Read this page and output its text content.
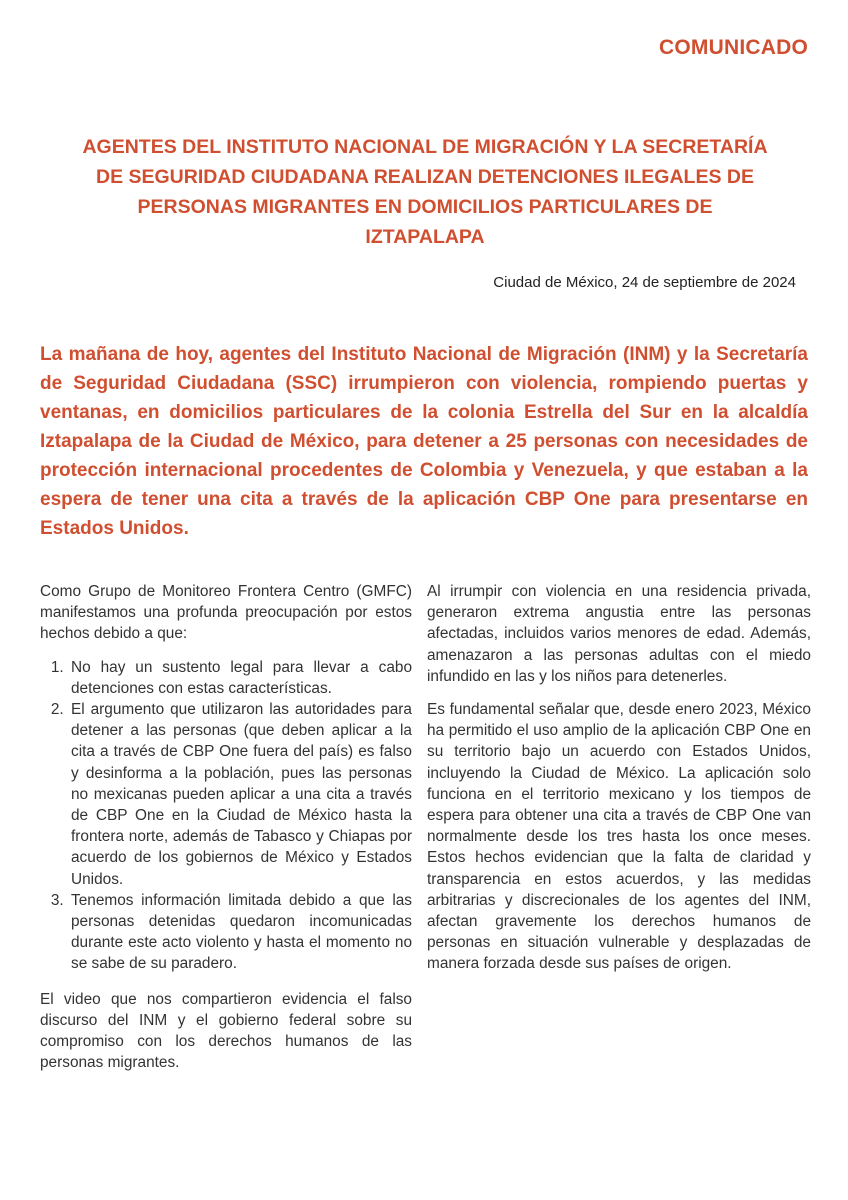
COMUNICADO
AGENTES DEL INSTITUTO NACIONAL DE MIGRACIÓN Y LA SECRETARÍA DE SEGURIDAD CIUDADANA REALIZAN DETENCIONES ILEGALES DE PERSONAS MIGRANTES EN DOMICILIOS PARTICULARES DE IZTAPALAPA
Ciudad de México, 24 de septiembre de 2024
La mañana de hoy, agentes del Instituto Nacional de Migración (INM) y la Secretaría de Seguridad Ciudadana (SSC) irrumpieron con violencia, rompiendo puertas y ventanas, en domicilios particulares de la colonia Estrella del Sur en la alcaldía Iztapalapa de la Ciudad de México, para detener a 25 personas con necesidades de protección internacional procedentes de Colombia y Venezuela, y que estaban a la espera de tener una cita a través de la aplicación CBP One para presentarse en Estados Unidos.

Como Grupo de Monitoreo Frontera Centro (GMFC) manifestamos una profunda preocupación por estos hechos debido a que:

1. No hay un sustento legal para llevar a cabo detenciones con estas características.
2. El argumento que utilizaron las autoridades para detener a las personas (que deben aplicar a la cita a través de CBP One fuera del país) es falso y desinforma a la población, pues las personas no mexicanas pueden aplicar a una cita a través de CBP One en la Ciudad de México hasta la frontera norte, además de Tabasco y Chiapas por acuerdo de los gobiernos de México y Estados Unidos.
3. Tenemos información limitada debido a que las personas detenidas quedaron incomunicadas durante este acto violento y hasta el momento no se sabe de su paradero.

El video que nos compartieron evidencia el falso discurso del INM y el gobierno federal sobre su compromiso con los derechos humanos de las personas migrantes.

Al irrumpir con violencia en una residencia privada, generaron extrema angustia entre las personas afectadas, incluidos varios menores de edad. Además, amenazaron a las personas adultas con el miedo infundido en las y los niños para detenerles.

Es fundamental señalar que, desde enero 2023, México ha permitido el uso amplio de la aplicación CBP One en su territorio bajo un acuerdo con Estados Unidos, incluyendo la Ciudad de México. La aplicación solo funciona en el territorio mexicano y los tiempos de espera para obtener una cita a través de CBP One van normalmente desde los tres hasta los once meses. Estos hechos evidencian que la falta de claridad y transparencia en estos acuerdos, y las medidas arbitrarias y discrecionales de los agentes del INM, afectan gravemente los derechos humanos de personas en situación vulnerable y desplazadas de manera forzada desde sus países de origen.
